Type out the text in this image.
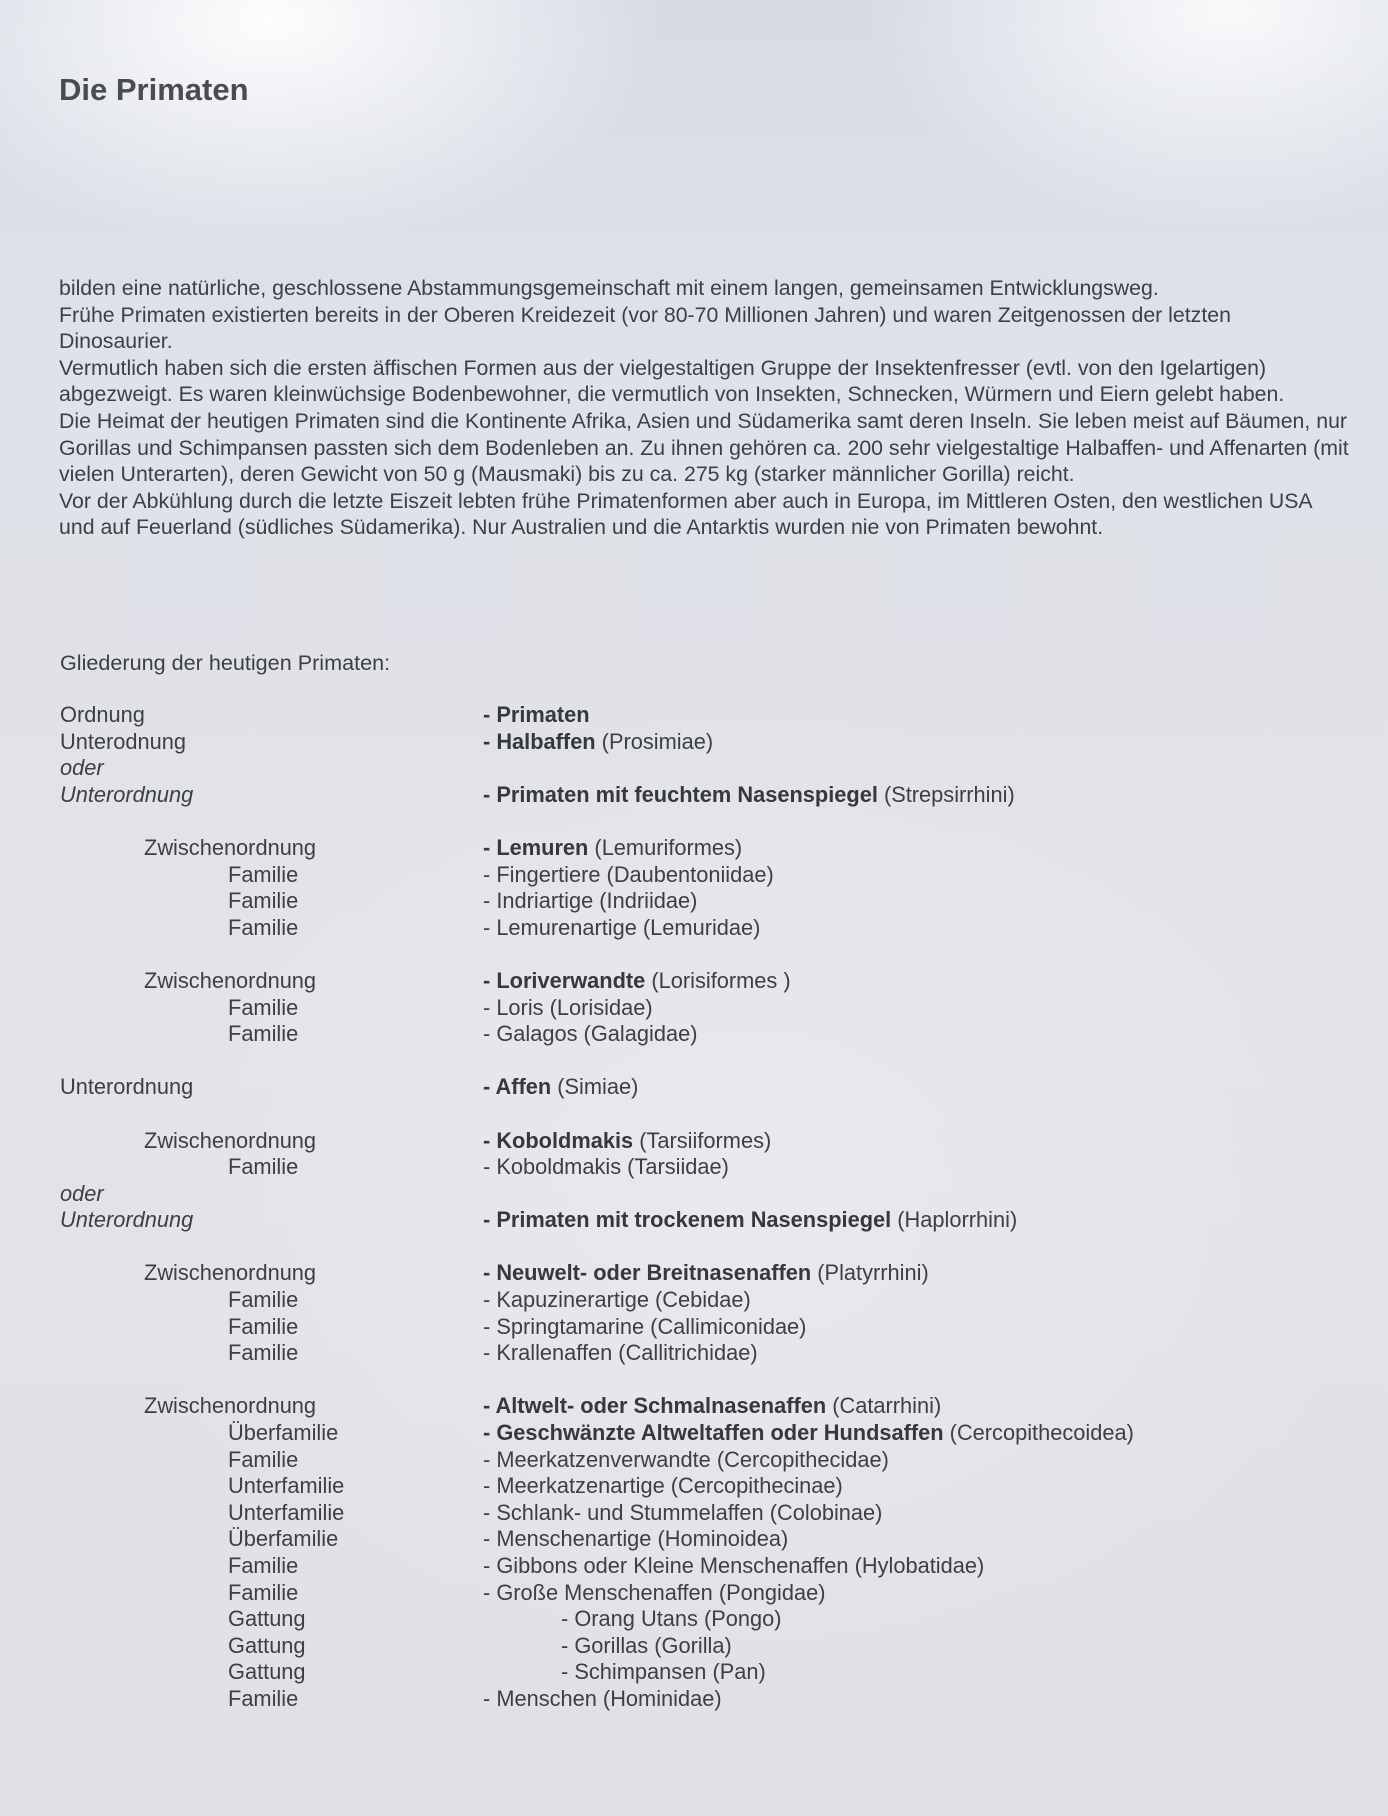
Die Primaten

bilden eine natürliche, geschlossene Abstammungsgemeinschaft mit einem langen, gemeinsamen Entwicklungsweg.

Frühe Primaten existierten bereits in der Oberen Kreidezeit (vor 80-70 Millionen Jahren) und waren Zeitgenossen der letzten Dinosaurier.

Vermutlich haben sich die ersten äffischen Formen aus der vielgestaltigen Gruppe der Insektenfresser (evtl. von den Igelartigen) abgezweigt. Es waren kleinwüchsige Bodenbewohner, die vermutlich von Insekten, Schnecken, Würmern und Eiern gelebt haben.

Die Heimat der heutigen Primaten sind die Kontinente Afrika, Asien und Südamerika samt deren Inseln. Sie leben meist auf Bäumen, nur Gorillas und Schimpansen passten sich dem Bodenleben an. Zu ihnen gehören ca. 200 sehr vielgestaltige Halbaffen- und Affenarten (mit vielen Unterarten), deren Gewicht von 50 g (Mausmaki) bis zu ca. 275 kg (starker männlicher Gorilla) reicht.

Vor der Abkühlung durch die letzte Eiszeit lebten frühe Primatenformen aber auch in Europa, im Mittleren Osten, den westlichen USA und auf Feuerland (südliches Südamerika). Nur Australien und die Antarktis wurden nie von Primaten bewohnt.

Gliederung der heutigen Primaten:
Ordnung	- Primaten
Unterodnung	- Halbaffen (Prosimiae)
oder
Unterordnung	- Primaten mit feuchtem Nasenspiegel (Strepsirrhini)
Zwischenordnung	- Lemuren (Lemuriformes)
Familie	- Fingertiere (Daubentoniidae)
Familie	- Indriartige (Indriidae)
Familie	- Lemurenartige (Lemuridae)
Zwischenordnung	- Loriverwandte (Lorisiformes )
Familie	- Loris (Lorisidae)
Familie	- Galagos (Galagidae)
Unterordnung	- Affen (Simiae)
Zwischenordnung	- Koboldmakis (Tarsiiformes)
Familie	- Koboldmakis (Tarsiidae)
oder
Unterordnung	- Primaten mit trockenem Nasenspiegel (Haplorrhini)
Zwischenordnung	- Neuwelt- oder Breitnasenaffen (Platyrrhini)
Familie	- Kapuzinerartige (Cebidae)
Familie	- Springtamarine (Callimiconidae)
Familie	- Krallenaffen (Callitrichidae)
Zwischenordnung	- Altwelt- oder Schmalnasenaffen (Catarrhini)
Überfamilie	- Geschwänzte Altweltaffen oder Hundsaffen (Cercopithecoidea)
Familie	- Meerkatzenverwandte (Cercopithecidae)
Unterfamilie	- Meerkatzenartige (Cercopithecinae)
Unterfamilie	- Schlank- und Stummelaffen (Colobinae)
Überfamilie	- Menschenartige (Hominoidea)
Familie	- Gibbons oder Kleine Menschenaffen (Hylobatidae)
Familie	- Große Menschenaffen (Pongidae)
Gattung	- Orang Utans (Pongo)
Gattung	- Gorillas (Gorilla)
Gattung	- Schimpansen (Pan)
Familie	- Menschen (Hominidae)
